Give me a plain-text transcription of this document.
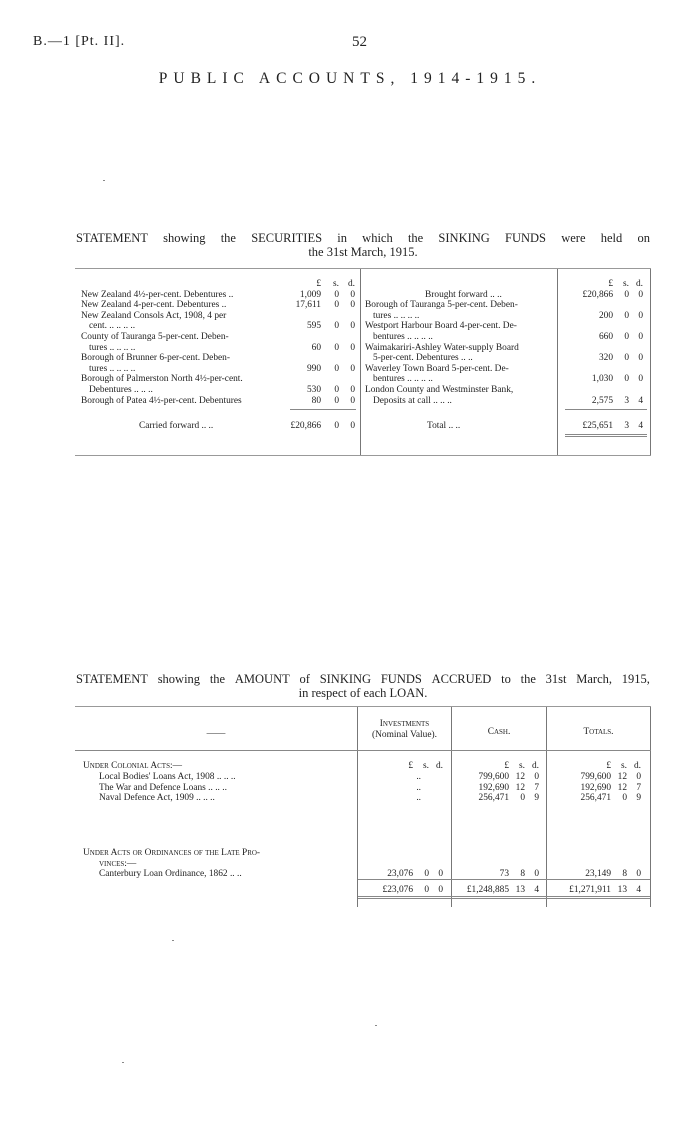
B.—1 [Pt. II].	52
PUBLIC ACCOUNTS, 1914-1915.
STATEMENT showing the SECURITIES in which the SINKING FUNDS were held on
the 31st March, 1915.
£	s. d.
New Zealand 4½-per-cent. Debentures ..	1,009	0	0
New Zealand 4-per-cent. Debentures ..	17,611	0	0
New Zealand Consols Act, 1908, 4 per
cent. .. .. .. ..	595	0	0
County of Tauranga 5-per-cent. Deben-
tures .. .. .. ..	60	0	0
Borough of Brunner 6-per-cent. Deben-
tures .. .. .. ..	990	0	0
Borough of Palmerston North 4½-per-cent.
Debentures .. .. ..	530	0	0
Borough of Patea 4½-per-cent. Debentures	80	0	0
£	s. d.
Brought forward .. ..	£20,866	0 0
Borough of Tauranga 5-per-cent. Deben-
tures .. .. .. ..	200	0 0
Westport Harbour Board 4-per-cent. De-
bentures .. .. .. ..	660	0 0
Waimakariri-Ashley Water-supply Board
5-per-cent. Debentures .. ..	320	0 0
Waverley Town Board 5-per-cent. De-
bentures .. .. .. ..	1,030	0 0
London County and Westminster Bank,
Deposits at call .. .. ..	2,575	3 4
Carried forward .. ..	£20,866	0	0	Total .. ..	£25,651	3 4
STATEMENT showing the AMOUNT of SINKING FUNDS ACCRUED to the 31st March, 1915,
in respect of each LOAN.
——
Investments
(Nominal Value).	Cash.	Totals.
£	s. d.	£	s. d.	£	s. d.
Under Colonial Acts:—
Local Bodies' Loans Act, 1908 .. .. ..	..	799,600 12 0	799,600 12 0
The War and Defence Loans .. .. ..	..	192,690 12 7	192,690 12 7
Naval Defence Act, 1909 .. .. ..	..	256,471	0 9	256,471	0 9
Under Acts or Ordinances of the Late Pro-
vinces:—
Canterbury Loan Ordinance, 1862 .. ..	23,076	0 0	73	8 0	23,149	8 0
£23,076	0 0	£1,248,885 13 4	£1,271,911 13 4
